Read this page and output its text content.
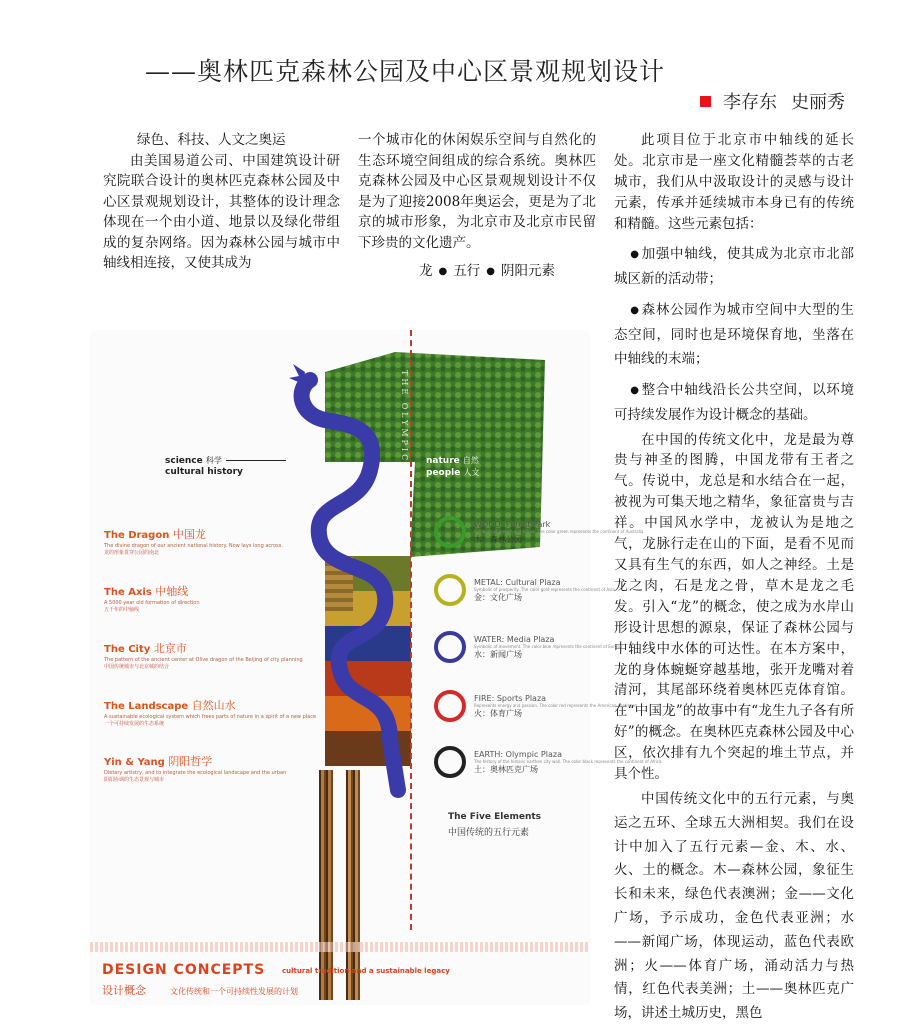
——奥林匹克森林公园及中心区景观规划设计
李存东 史丽秀

绿色、科技、人文之奥运

由美国易道公司、中国建筑设计研究院联合设计的奥林匹克森林公园及中心区景观规划设计，其整体的设计理念体现在一个由小道、地景以及绿化带组成的复杂网络。因为森林公园与城市中轴线相连接，又使其成为

一个城市化的休闲娱乐空间与自然化的生态环境空间组成的综合系统。奥林匹克森林公园及中心区景观规划设计不仅是为了迎接2008年奥运会，更是为了北京的城市形象，为北京市及北京市民留下珍贵的文化遗产。

龙 ● 五行 ● 阴阳元素

此项目位于北京市中轴线的延长处。北京市是一座文化精髓荟萃的古老城市，我们从中汲取设计的灵感与设计元素，传承并延续城市本身已有的传统和精髓。这些元素包括：

● 加强中轴线，使其成为北京市北部城区新的活动带；

● 森林公园作为城市空间中大型的生态空间，同时也是环境保育地，坐落在中轴线的末端；

● 整合中轴线沿长公共空间，以环境可持续发展作为设计概念的基础。

在中国的传统文化中，龙是最为尊贵与神圣的图腾，中国龙带有王者之气。传说中，龙总是和水结合在一起，被视为可集天地之精华，象征富贵与吉祥。中国风水学中，龙被认为是地之气，龙脉行走在山的下面，是看不见而又具有生气的东西，如人之神经。土是龙之肉，石是龙之骨，草木是龙之毛发。引入“龙”的概念，使之成为水岸山形设计思想的源泉，保证了森林公园与中轴线中水体的可达性。在本方案中，龙的身体蜿蜒穿越基地，张开龙嘴对着清河，其尾部环绕着奥林匹克体育馆。在“中国龙”的故事中有“龙生九子各有所好”的概念。在奥林匹克森林公园及中心区，依次排有九个突起的堆土节点，并具个性。

中国传统文化中的五行元素，与奥运之五环、全球五大洲相契。我们在设计中加入了五行元素—金、木、水、火、土的概念。木—森林公园，象征生长和未来，绿色代表澳洲；金——文化广场，予示成功，金色代表亚洲；水——新闻广场，体现运动，蓝色代表欧洲；火——体育广场，涌动活力与热情，红色代表美洲；土——奥林匹克广场，讲述土城历史，黑色

THE OLYMPIC AXIS
science 科学
cultural history
nature 自然
people 人文
The Dragon 中国龙
The divine dragon of our ancient national history. Now lays long across.
龙的形象贯穿公园的南北
The Axis 中轴线
A 5000 year old formation of direction
五千年的中轴线
The City 北京市
The pattern of the ancient center at Olive dragon of the Beijing of city planning
中国传统城市与北京城的结合
The Landscape 自然山水
A sustainable ecological system which frees parts of nature in a spirit of a new place
一个可持续发展的生态系统
Yin & Yang 阴阳哲学
Dietary artistry, and to integrate the ecological landscape and the urban
阴阳协调的生态景观与城市
WOOD: Forest Park
Symbolic of growth and future. The color green represents the continent of Australia
木：森林公园
METAL: Cultural Plaza
Symbolic of prosperity. The color gold represents the continent of Asia
金：文化广场
WATER: Media Plaza
Symbolic of movement. The color blue represents the continent of Europe
水：新闻广场
FIRE: Sports Plaza
Represents energy and passion. The color red represents the American continent
火：体育广场
EARTH: Olympic Plaza
The history of the historic earthen city wall. The color black represents the continent of Africa
土：奥林匹克广场
The Five Elements
中国传统的五行元素
DESIGN CONCEPTS cultural tradition and a sustainable legacy
设计概念	文化传统和一个可持续性发展的计划
